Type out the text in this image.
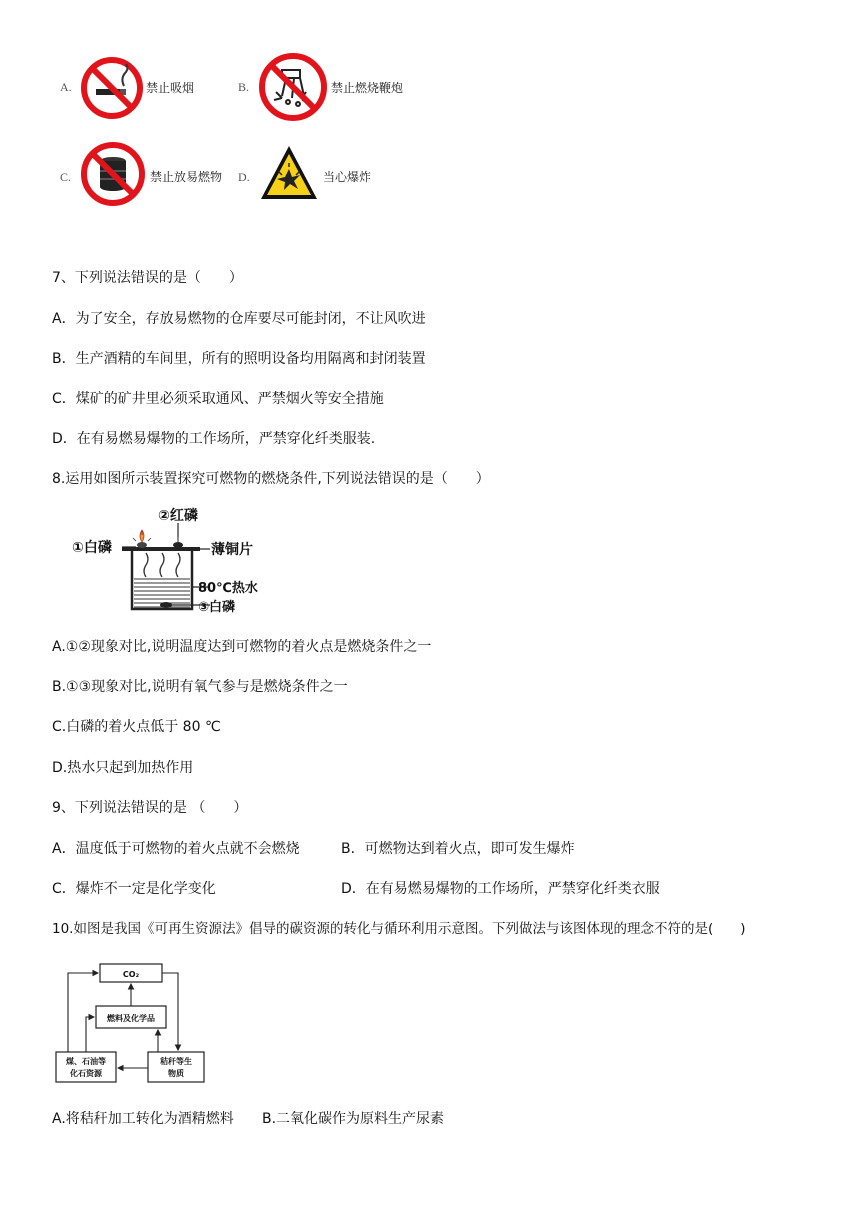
A.	禁止吸烟	B.	禁止燃烧鞭炮
C.	禁止放易燃物 D.	当心爆炸
7、下列说法错误的是（　　）
A．为了安全，存放易燃物的仓库要尽可能封闭，不让风吹进
B．生产酒精的车间里，所有的照明设备均用隔离和封闭装置
C．煤矿的矿井里必须采取通风、严禁烟火等安全措施
D．在有易燃易爆物的工作场所，严禁穿化纤类服装.
8.运用如图所示装置探究可燃物的燃烧条件,下列说法错误的是（　　）
②红磷
①白磷	薄铜片
80℃热水
③白磷
A.①②现象对比,说明温度达到可燃物的着火点是燃烧条件之一
B.①③现象对比,说明有氧气参与是燃烧条件之一
C.白磷的着火点低于 80 ℃
D.热水只起到加热作用
9、下列说法错误的是 （　　）
A．温度低于可燃物的着火点就不会燃烧	B．可燃物达到着火点，即可发生爆炸
C．爆炸不一定是化学变化	D．在有易燃易爆物的工作场所，严禁穿化纤类衣服
10.如图是我国《可再生资源法》倡导的碳资源的转化与循环利用示意图。下列做法与该图体现的理念不符的是(　　)
CO₂
燃料及化学品
煤、石油等
化石资源
秸秆等生
物质
A.将秸秆加工转化为酒精燃料 B.二氧化碳作为原料生产尿素
